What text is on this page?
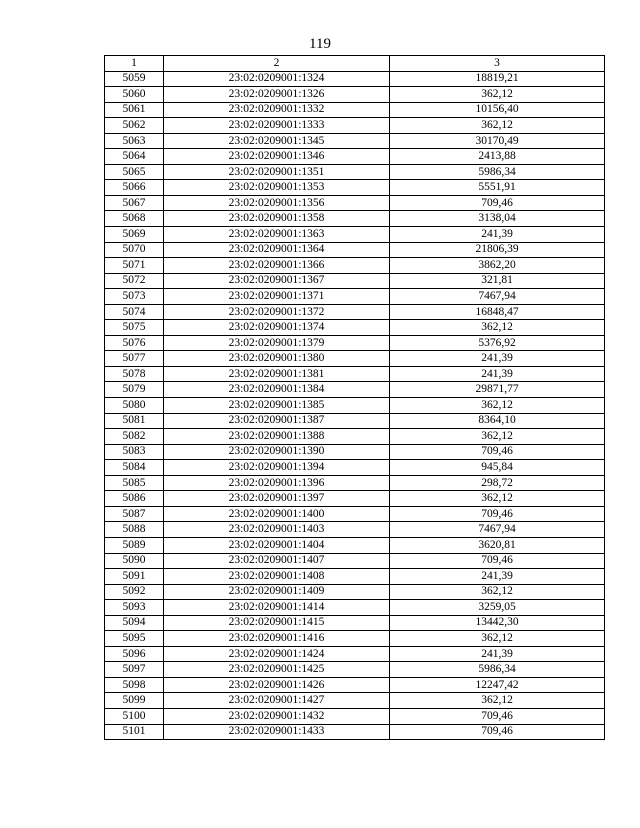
119
1	2	3
5059	23:02:0209001:1324	18819,21
5060	23:02:0209001:1326	362,12
5061	23:02:0209001:1332	10156,40
5062	23:02:0209001:1333	362,12
5063	23:02:0209001:1345	30170,49
5064	23:02:0209001:1346	2413,88
5065	23:02:0209001:1351	5986,34
5066	23:02:0209001:1353	5551,91
5067	23:02:0209001:1356	709,46
5068	23:02:0209001:1358	3138,04
5069	23:02:0209001:1363	241,39
5070	23:02:0209001:1364	21806,39
5071	23:02:0209001:1366	3862,20
5072	23:02:0209001:1367	321,81
5073	23:02:0209001:1371	7467,94
5074	23:02:0209001:1372	16848,47
5075	23:02:0209001:1374	362,12
5076	23:02:0209001:1379	5376,92
5077	23:02:0209001:1380	241,39
5078	23:02:0209001:1381	241,39
5079	23:02:0209001:1384	29871,77
5080	23:02:0209001:1385	362,12
5081	23:02:0209001:1387	8364,10
5082	23:02:0209001:1388	362,12
5083	23:02:0209001:1390	709,46
5084	23:02:0209001:1394	945,84
5085	23:02:0209001:1396	298,72
5086	23:02:0209001:1397	362,12
5087	23:02:0209001:1400	709,46
5088	23:02:0209001:1403	7467,94
5089	23:02:0209001:1404	3620,81
5090	23:02:0209001:1407	709,46
5091	23:02:0209001:1408	241,39
5092	23:02:0209001:1409	362,12
5093	23:02:0209001:1414	3259,05
5094	23:02:0209001:1415	13442,30
5095	23:02:0209001:1416	362,12
5096	23:02:0209001:1424	241,39
5097	23:02:0209001:1425	5986,34
5098	23:02:0209001:1426	12247,42
5099	23:02:0209001:1427	362,12
5100	23:02:0209001:1432	709,46
5101	23:02:0209001:1433	709,46
